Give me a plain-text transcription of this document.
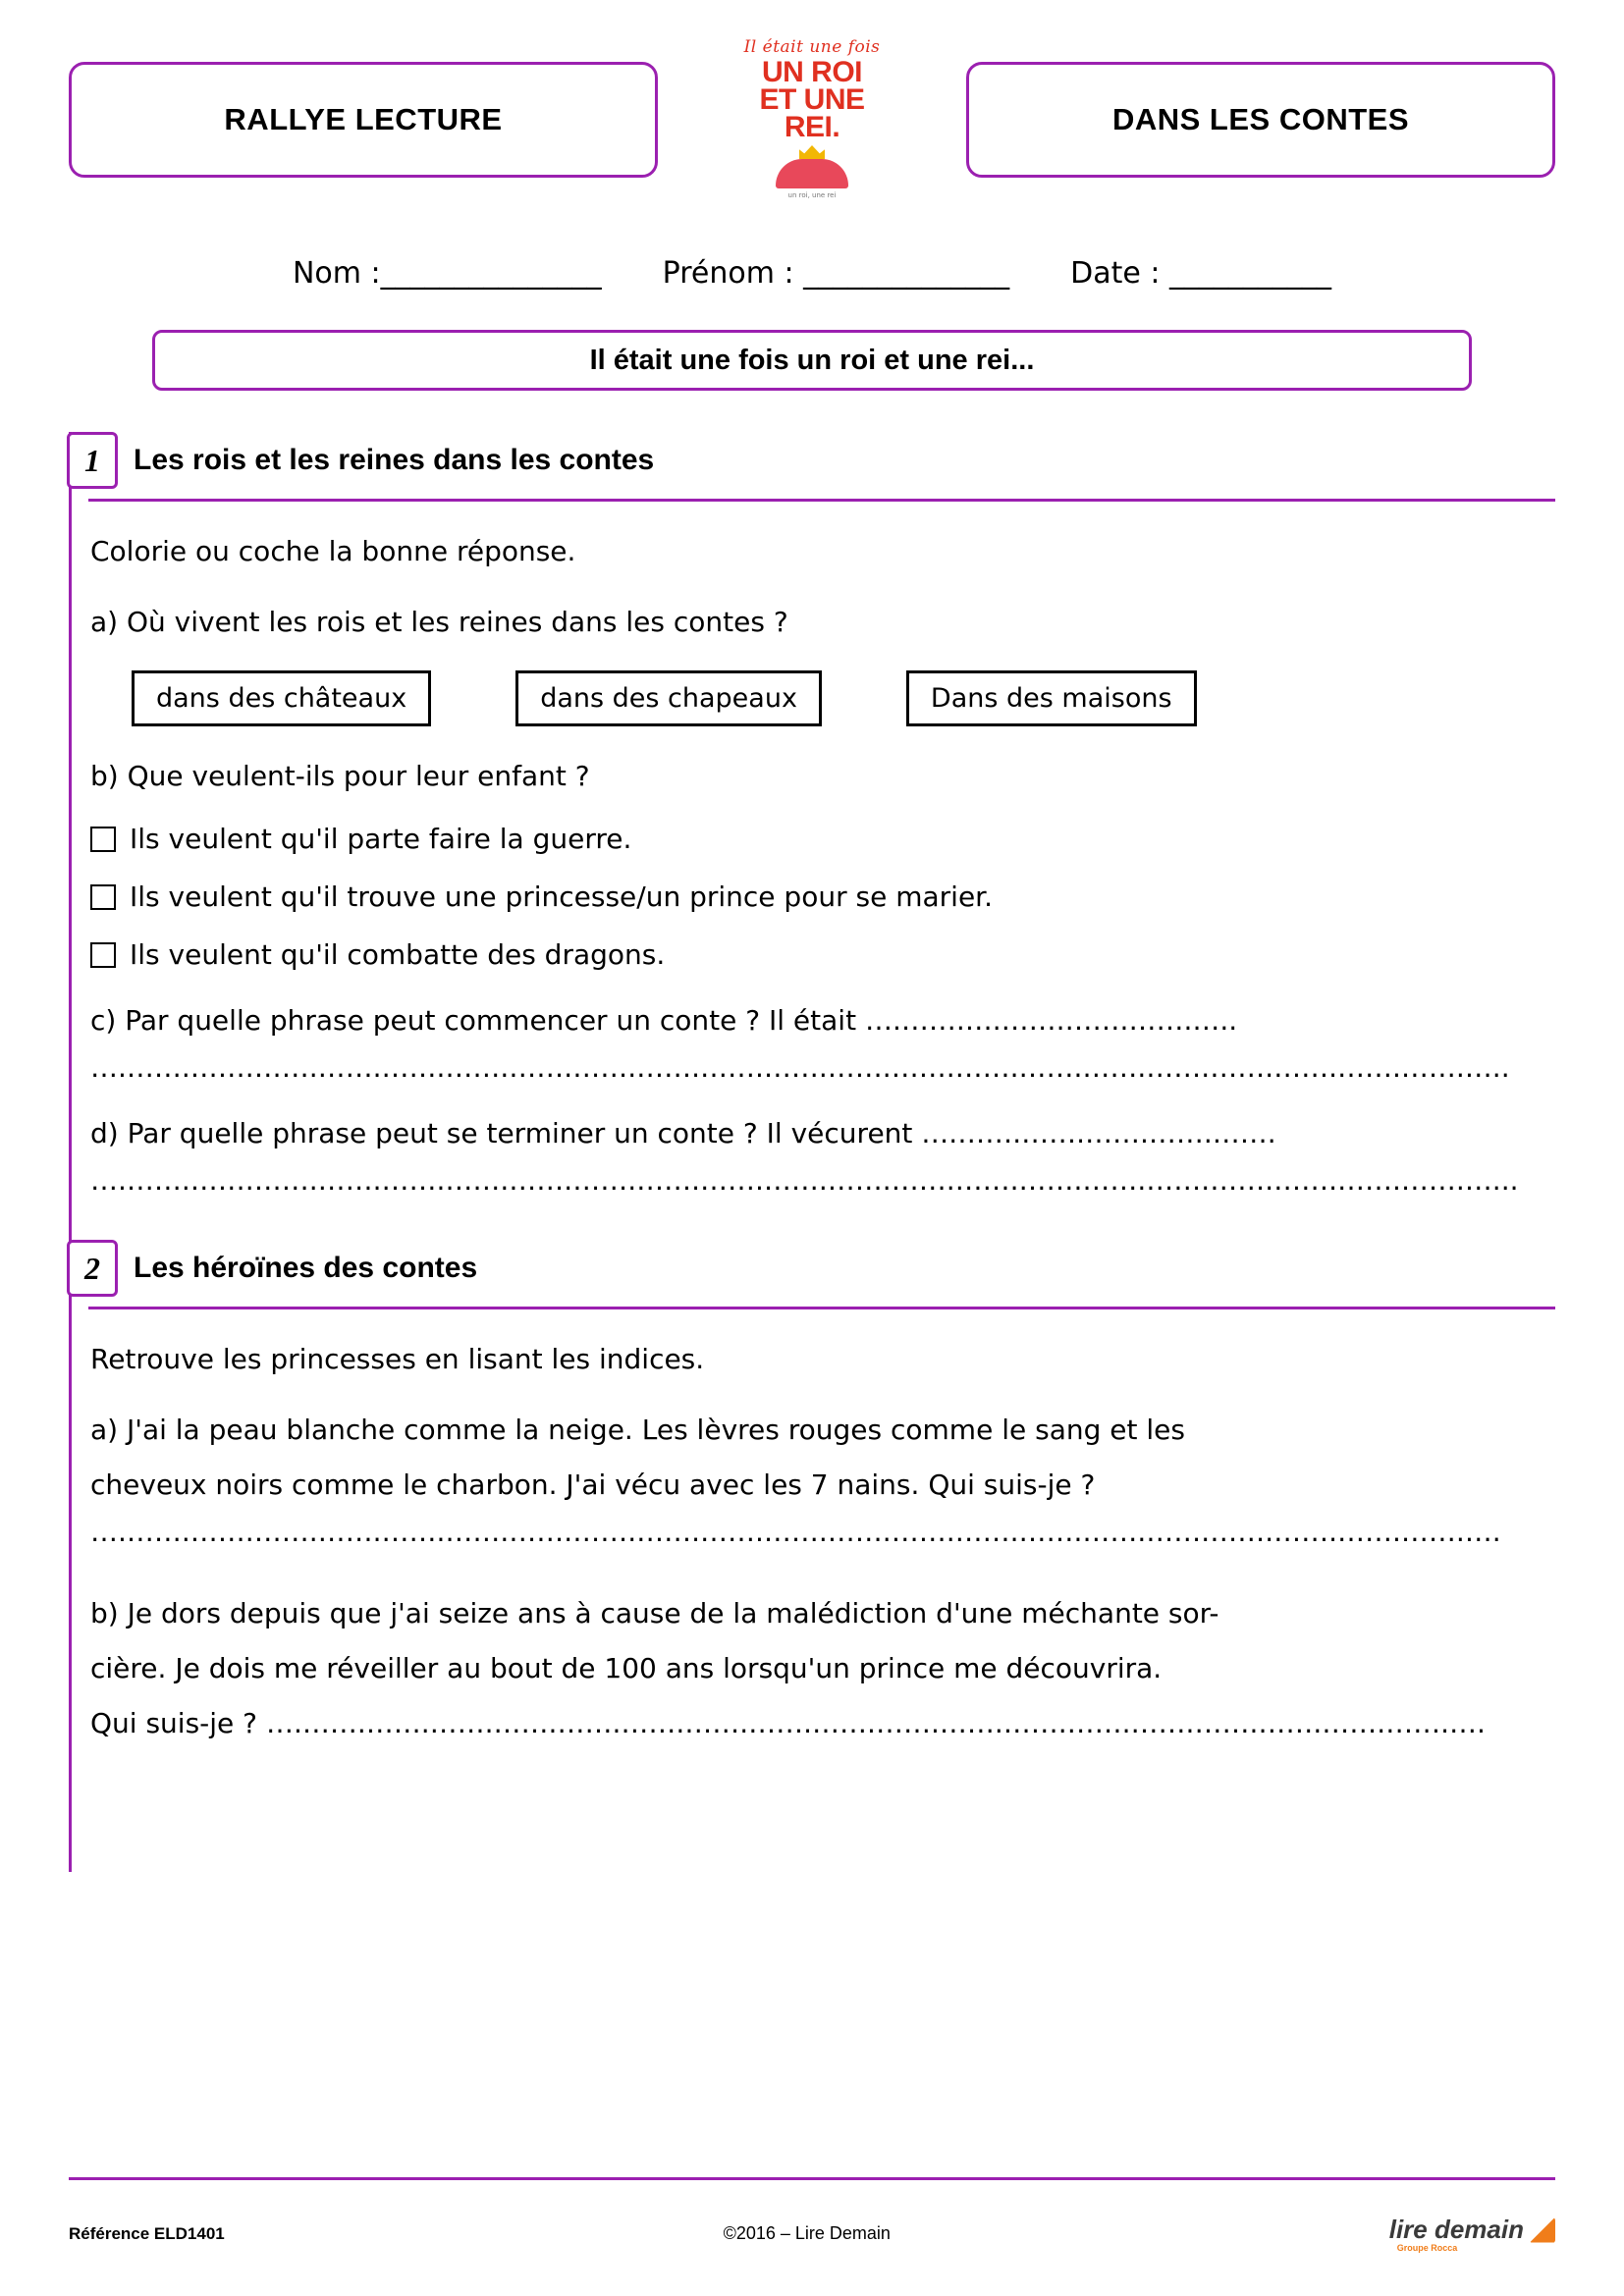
RALLYE LECTURE
Il était une fois
UN ROI
ET UNE
REI.
un roi, une rei
DANS LES CONTES
Nom :_______________ Prénom : ______________ Date : ___________
Il était une fois un roi et une rei...
1	Les rois et les reines dans les contes
Colorie ou coche la bonne réponse.
a) Où vivent les rois et les reines dans les contes ?
dans des châteaux	dans des chapeaux	Dans des maisons
b) Que veulent-ils pour leur enfant ?
Ils veulent qu'il parte faire la guerre.
Ils veulent qu'il trouve une princesse/un prince pour se marier.
Ils veulent qu'il combatte des dragons.
c) Par quelle phrase peut commencer un conte ? Il était ….…….….…….…….…….…..
….…….…….…….…….…….…….…….…….…….…….…….…….…….…….…….…….…….…….…….…….…….…..
d) Par quelle phrase peut se terminer un conte ? Il vécurent ….…….…….…….…….…….
….…….…….…….…….…….…….…….…….…….…….…….…….…….…….…….…….…….…….…….…….…….…...
2	Les héroïnes des contes
Retrouve les princesses en lisant les indices.
a) J'ai la peau blanche comme la neige. Les lèvres rouges comme le sang et les
cheveux noirs comme le charbon. J'ai vécu avec les 7 nains. Qui suis-je ?
….…….…….…….…….…….…….…….…….…….…….…….…….…….…….…….…….…….…….…….…….…….….
b) Je dors depuis que j'ai seize ans à cause de la malédiction d'une méchante sor-
cière. Je dois me réveiller au bout de 100 ans lorsqu'un prince me découvrira.
Qui suis-je ? ….…….…….…….…….…….…….…….…….…….…….…….…….…….…….…….…….…….…….….
Référence ELD1401	©2016 – Lire Demain	lire demain
Groupe Rocca
